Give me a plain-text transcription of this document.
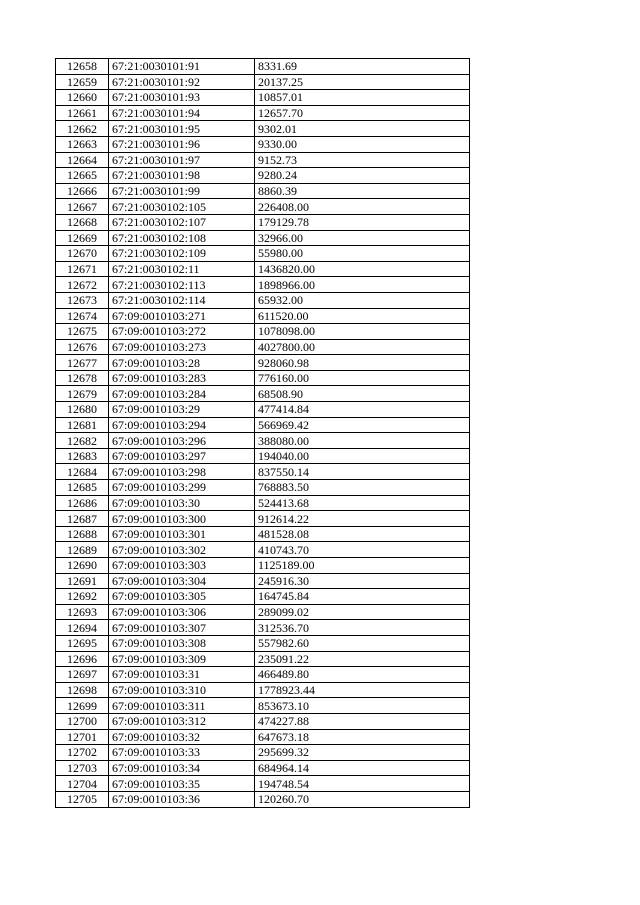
12658	67:21:0030101:91	8331.69
12659	67:21:0030101:92	20137.25
12660	67:21:0030101:93	10857.01
12661	67:21:0030101:94	12657.70
12662	67:21:0030101:95	9302.01
12663	67:21:0030101:96	9330.00
12664	67:21:0030101:97	9152.73
12665	67:21:0030101:98	9280.24
12666	67:21:0030101:99	8860.39
12667	67:21:0030102:105	226408.00
12668	67:21:0030102:107	179129.78
12669	67:21:0030102:108	32966.00
12670	67:21:0030102:109	55980.00
12671	67:21:0030102:11	1436820.00
12672	67:21:0030102:113	1898966.00
12673	67:21:0030102:114	65932.00
12674	67:09:0010103:271	611520.00
12675	67:09:0010103:272	1078098.00
12676	67:09:0010103:273	4027800.00
12677	67:09:0010103:28	928060.98
12678	67:09:0010103:283	776160.00
12679	67:09:0010103:284	68508.90
12680	67:09:0010103:29	477414.84
12681	67:09:0010103:294	566969.42
12682	67:09:0010103:296	388080.00
12683	67:09:0010103:297	194040.00
12684	67:09:0010103:298	837550.14
12685	67:09:0010103:299	768883.50
12686	67:09:0010103:30	524413.68
12687	67:09:0010103:300	912614.22
12688	67:09:0010103:301	481528.08
12689	67:09:0010103:302	410743.70
12690	67:09:0010103:303	1125189.00
12691	67:09:0010103:304	245916.30
12692	67:09:0010103:305	164745.84
12693	67:09:0010103:306	289099.02
12694	67:09:0010103:307	312536.70
12695	67:09:0010103:308	557982.60
12696	67:09:0010103:309	235091.22
12697	67:09:0010103:31	466489.80
12698	67:09:0010103:310	1778923.44
12699	67:09:0010103:311	853673.10
12700	67:09:0010103:312	474227.88
12701	67:09:0010103:32	647673.18
12702	67:09:0010103:33	295699.32
12703	67:09:0010103:34	684964.14
12704	67:09:0010103:35	194748.54
12705	67:09:0010103:36	120260.70
